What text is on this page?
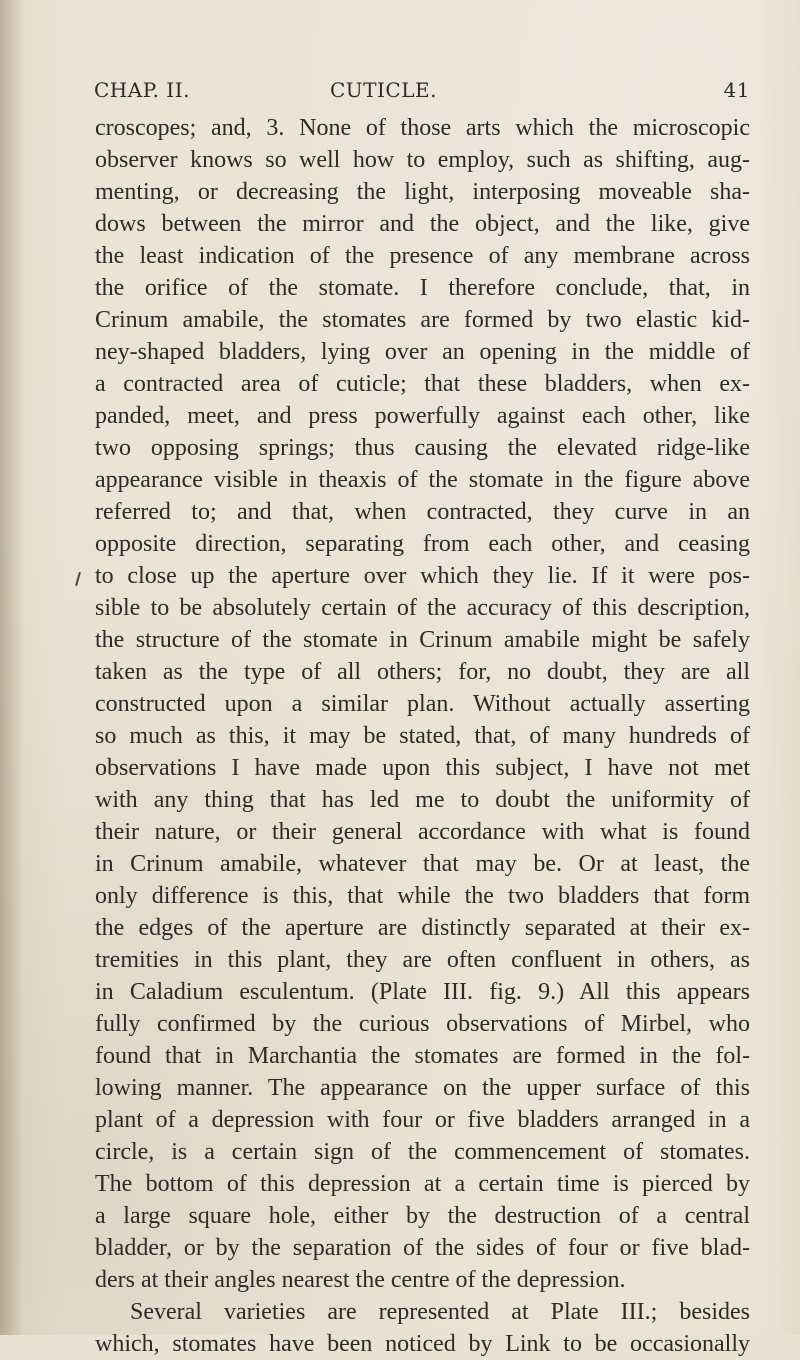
CHAP. II.	CUTICLE.	41
croscopes; and, 3. None of those arts which the microscopic
observer knows so well how to employ, such as shifting, aug-
menting, or decreasing the light, interposing moveable sha-
dows between the mirror and the object, and the like, give
the least indication of the presence of any membrane across
the orifice of the stomate. I therefore conclude, that, in
Crinum amabile, the stomates are formed by two elastic kid-
ney-shaped bladders, lying over an opening in the middle of
a contracted area of cuticle; that these bladders, when ex-
panded, meet, and press powerfully against each other, like
two opposing springs; thus causing the elevated ridge-like
appearance visible in theaxis of the stomate in the figure above
referred to; and that, when contracted, they curve in an
opposite direction, separating from each other, and ceasing
to close up the aperture over which they lie. If it were pos-
sible to be absolutely certain of the accuracy of this description,
the structure of the stomate in Crinum amabile might be safely
taken as the type of all others; for, no doubt, they are all
constructed upon a similar plan. Without actually asserting
so much as this, it may be stated, that, of many hundreds of
observations I have made upon this subject, I have not met
with any thing that has led me to doubt the uniformity of
their nature, or their general accordance with what is found
in Crinum amabile, whatever that may be. Or at least, the
only difference is this, that while the two bladders that form
the edges of the aperture are distinctly separated at their ex-
tremities in this plant, they are often confluent in others, as
in Caladium esculentum. (Plate III. fig. 9.) All this appears
fully confirmed by the curious observations of Mirbel, who
found that in Marchantia the stomates are formed in the fol-
lowing manner. The appearance on the upper surface of this
plant of a depression with four or five bladders arranged in a
circle, is a certain sign of the commencement of stomates.
The bottom of this depression at a certain time is pierced by
a large square hole, either by the destruction of a central
bladder, or by the separation of the sides of four or five blad-
ders at their angles nearest the centre of the depression.
Several varieties are represented at Plate III.; besides
which, stomates have been noticed by Link to be occasionally
